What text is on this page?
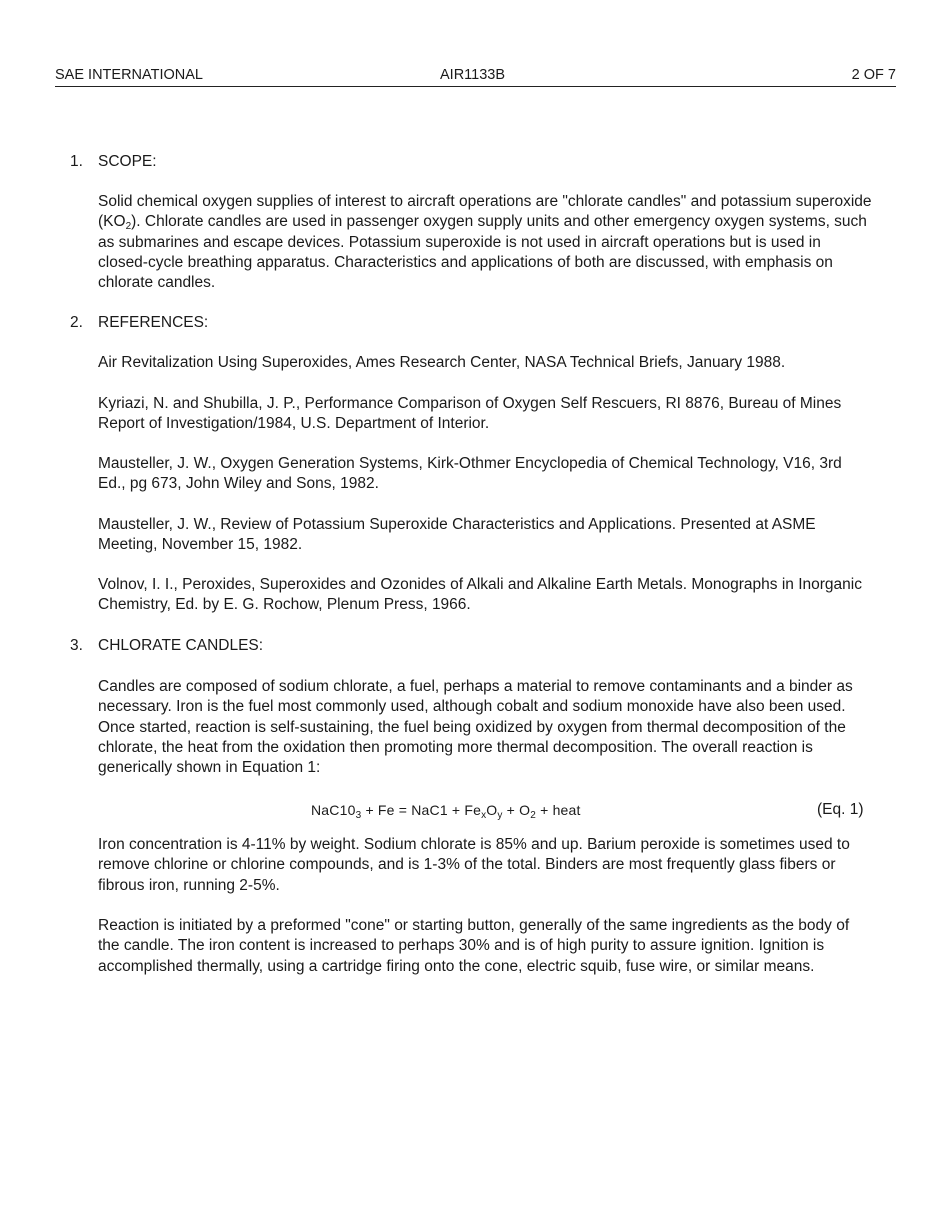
SAE INTERNATIONAL	AIR1133B	2 OF 7
1. SCOPE:
Solid chemical oxygen supplies of interest to aircraft operations are "chlorate candles" and potassium superoxide $(KO_2)$. Chlorate candles are used in passenger oxygen supply units and other emergency oxygen systems, such as submarines and escape devices. Potassium superoxide is not used in aircraft operations but is used in closed-cycle breathing apparatus. Characteristics and applications of both are discussed, with emphasis on chlorate candles.
2. REFERENCES:
Air Revitalization Using Superoxides, Ames Research Center, NASA Technical Briefs, January 1988.
Kyriazi, N. and Shubilla, J. P., Performance Comparison of Oxygen Self Rescuers, RI 8876, Bureau of Mines Report of Investigation/1984, U.S. Department of Interior.
Mausteller, J. W., Oxygen Generation Systems, Kirk-Othmer Encyclopedia of Chemical Technology, V16, 3rd Ed., pg 673, John Wiley and Sons, 1982.
Mausteller, J. W., Review of Potassium Superoxide Characteristics and Applications. Presented at ASME Meeting, November 15, 1982.
Volnov, I. I., Peroxides, Superoxides and Ozonides of Alkali and Alkaline Earth Metals. Monographs in Inorganic Chemistry, Ed. by E. G. Rochow, Plenum Press, 1966.
3. CHLORATE CANDLES:
Candles are composed of sodium chlorate, a fuel, perhaps a material to remove contaminants and a binder as necessary. Iron is the fuel most commonly used, although cobalt and sodium monoxide have also been used. Once started, reaction is self-sustaining, the fuel being oxidized by oxygen from thermal decomposition of the chlorate, the heat from the oxidation then promoting more thermal decomposition. The overall reaction is generically shown in Equation 1:
$NaC10_3 + Fe = NaC1 + Fe_xO_y + O_2$ + heat	(Eq. 1)
Iron concentration is 4-11% by weight. Sodium chlorate is 85% and up. Barium peroxide is sometimes used to remove chlorine or chlorine compounds, and is 1-3% of the total. Binders are most frequently glass fibers or fibrous iron, running 2-5%.
Reaction is initiated by a preformed "cone" or starting button, generally of the same ingredients as the body of the candle. The iron content is increased to perhaps 30% and is of high purity to assure ignition. Ignition is accomplished thermally, using a cartridge firing onto the cone, electric squib, fuse wire, or similar means.
